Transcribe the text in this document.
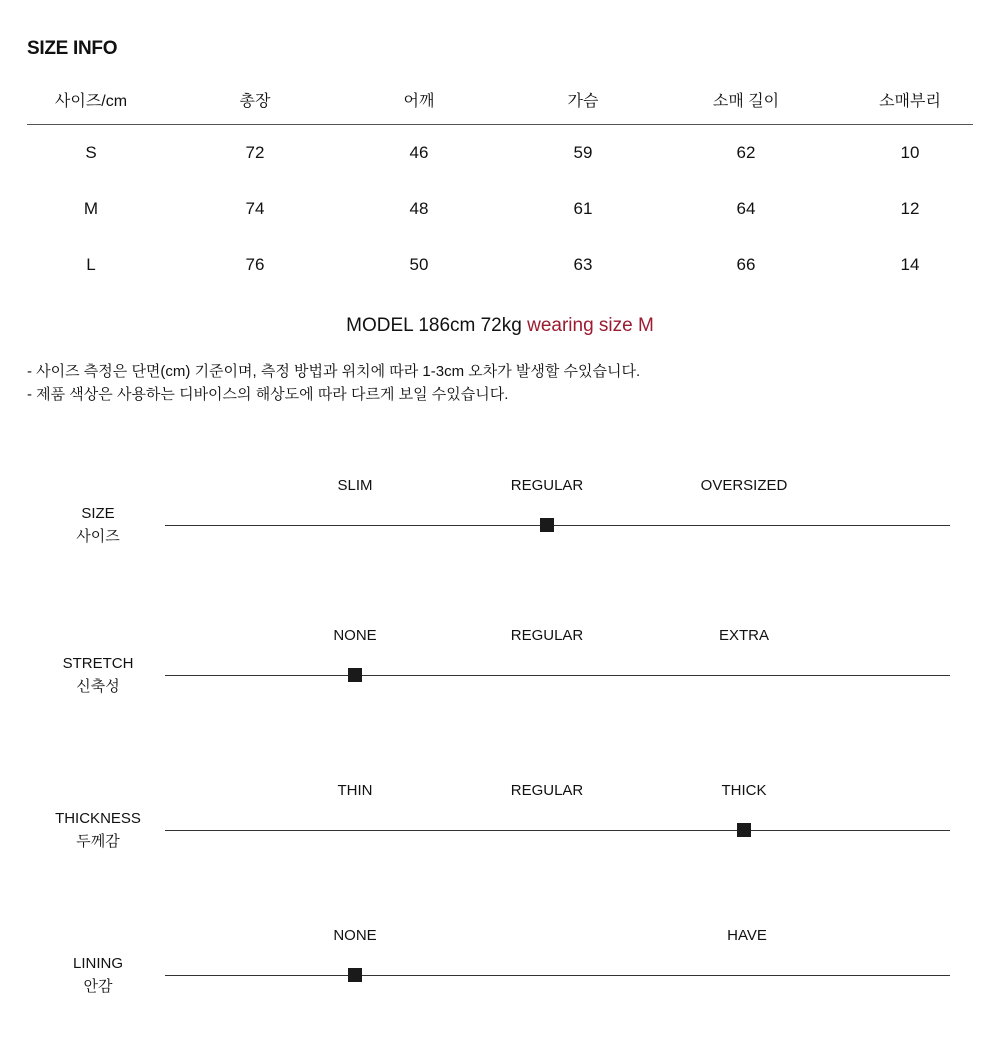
SIZE INFO
사이즈/cm	총장	어깨	가슴	소매 길이	소매부리
S	72	46	59	62	10
M	74	48	61	64	12
L	76	50	63	66	14
MODEL 186cm 72kg wearing size M
- 사이즈 측정은 단면(cm) 기준이며, 측정 방법과 위치에 따라 1-3cm 오차가 발생할 수있습니다.
- 제품 색상은 사용하는 디바이스의 해상도에 따라 다르게 보일 수있습니다.
SIZE
사이즈
SLIM	REGULAR	OVERSIZED
STRETCH
신축성
NONE	REGULAR	EXTRA
THICKNESS
두께감
THIN	REGULAR	THICK
LINING
안감
NONE	HAVE
